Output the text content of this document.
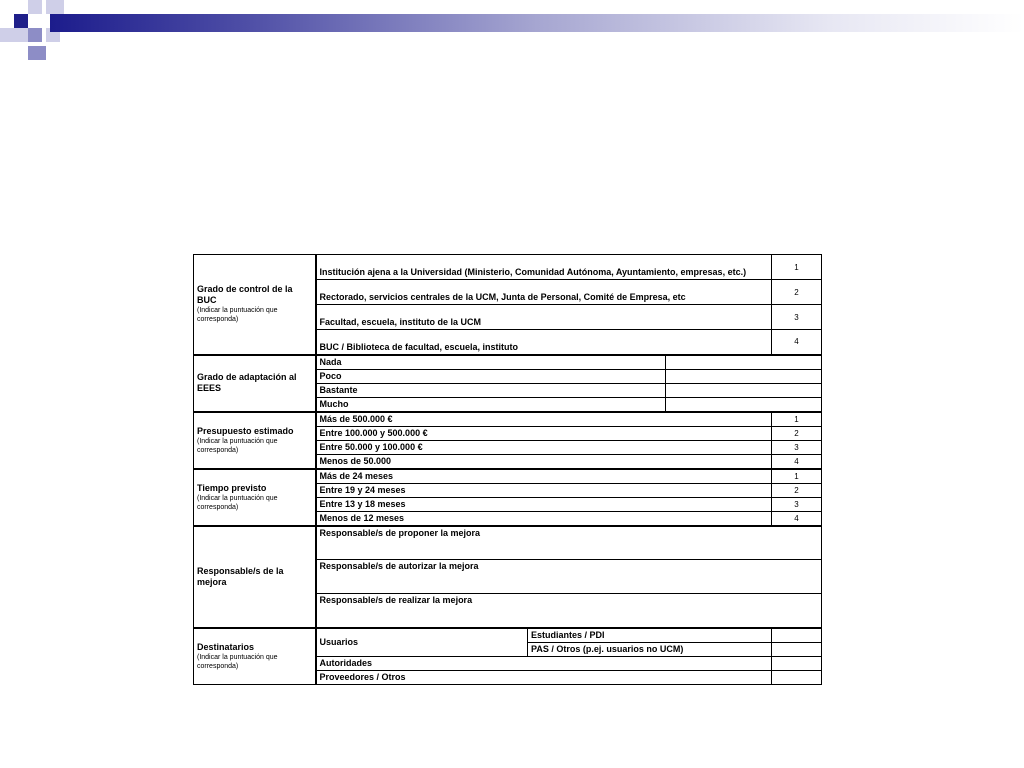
Grado de control de la BUC
(Indicar la puntuación que corresponda)	Institución ajena a la Universidad (Ministerio, Comunidad Autónoma, Ayuntamiento, empresas, etc.)			1
	Rectorado, servicios centrales de la UCM, Junta de Personal, Comité de Empresa, etc			2
	Facultad, escuela, instituto de la UCM			3
	BUC / Biblioteca de facultad, escuela, instituto			4
Grado de adaptación al EEES	Nada			
	Poco			
	Bastante			
	Mucho			
Presupuesto estimado
(Indicar la puntuación que corresponda)	Más de 500.000 €			1
	Entre 100.000 y 500.000 €			2
	Entre 50.000 y 100.000 €			3
	Menos de 50.000			4
Tiempo previsto
(Indicar la puntuación que corresponda)	Más de 24 meses			1
	Entre 19 y 24 meses			2
	Entre 13 y 18 meses			3
	Menos de 12 meses			4
Responsable/s de la mejora	Responsable/s de proponer la mejora			
	Responsable/s de autorizar la mejora			
	Responsable/s de realizar la mejora			
Destinatarios
(Indicar la puntuación que corresponda)	Usuarios	Estudiantes / PDI		
		PAS / Otros (p.ej. usuarios no UCM)		
	Autoridades			
	Proveedores / Otros			
